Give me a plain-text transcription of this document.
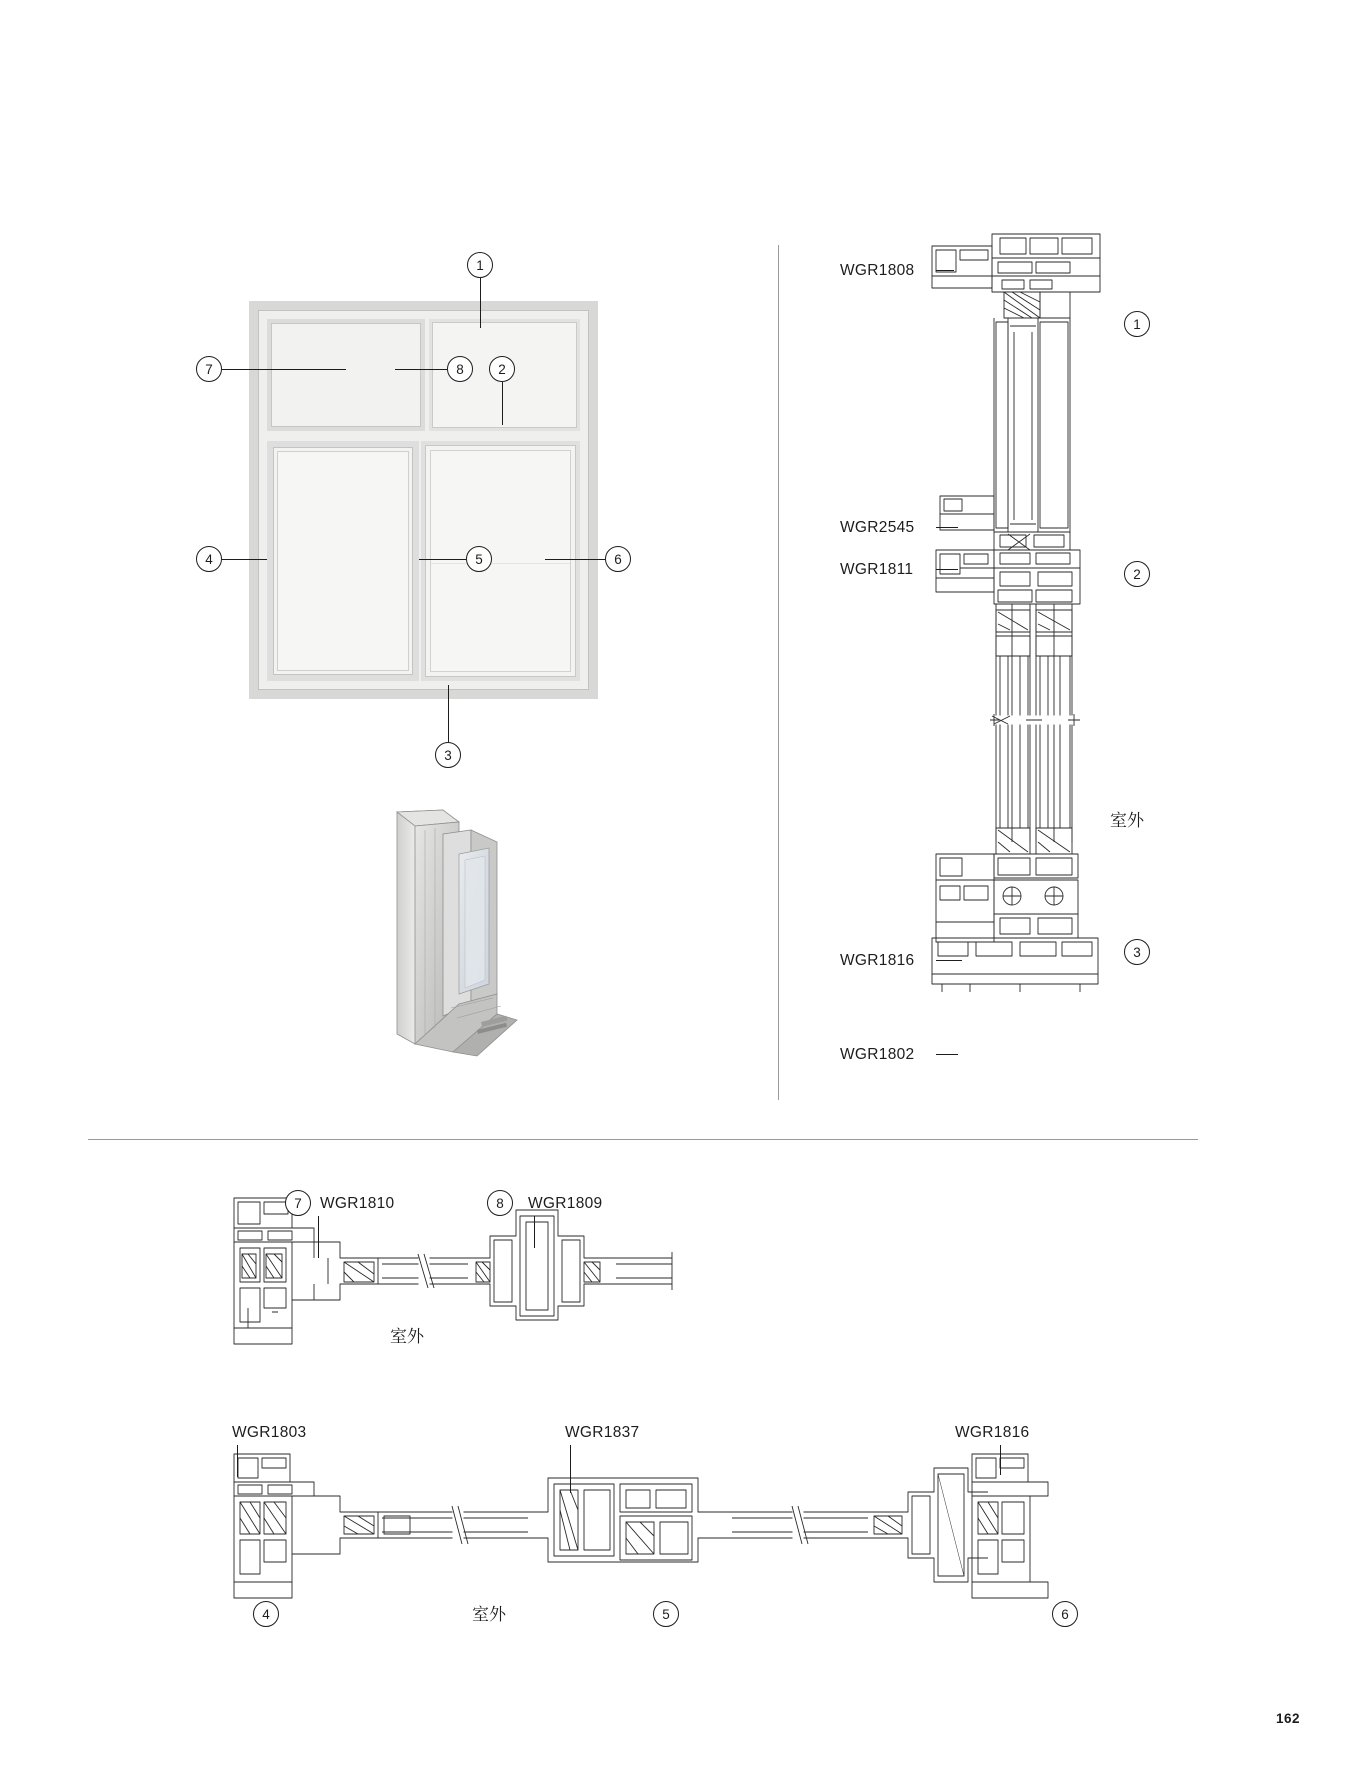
1
7	8	2
4	5	6
3
WGR1808
WGR2545
WGR1811
WGR1816
WGR1802
1
2
3
室外
7	WGR1810	8	WGR1809
室外
WGR1803	WGR1837	WGR1816
4	5	6
室外
162
